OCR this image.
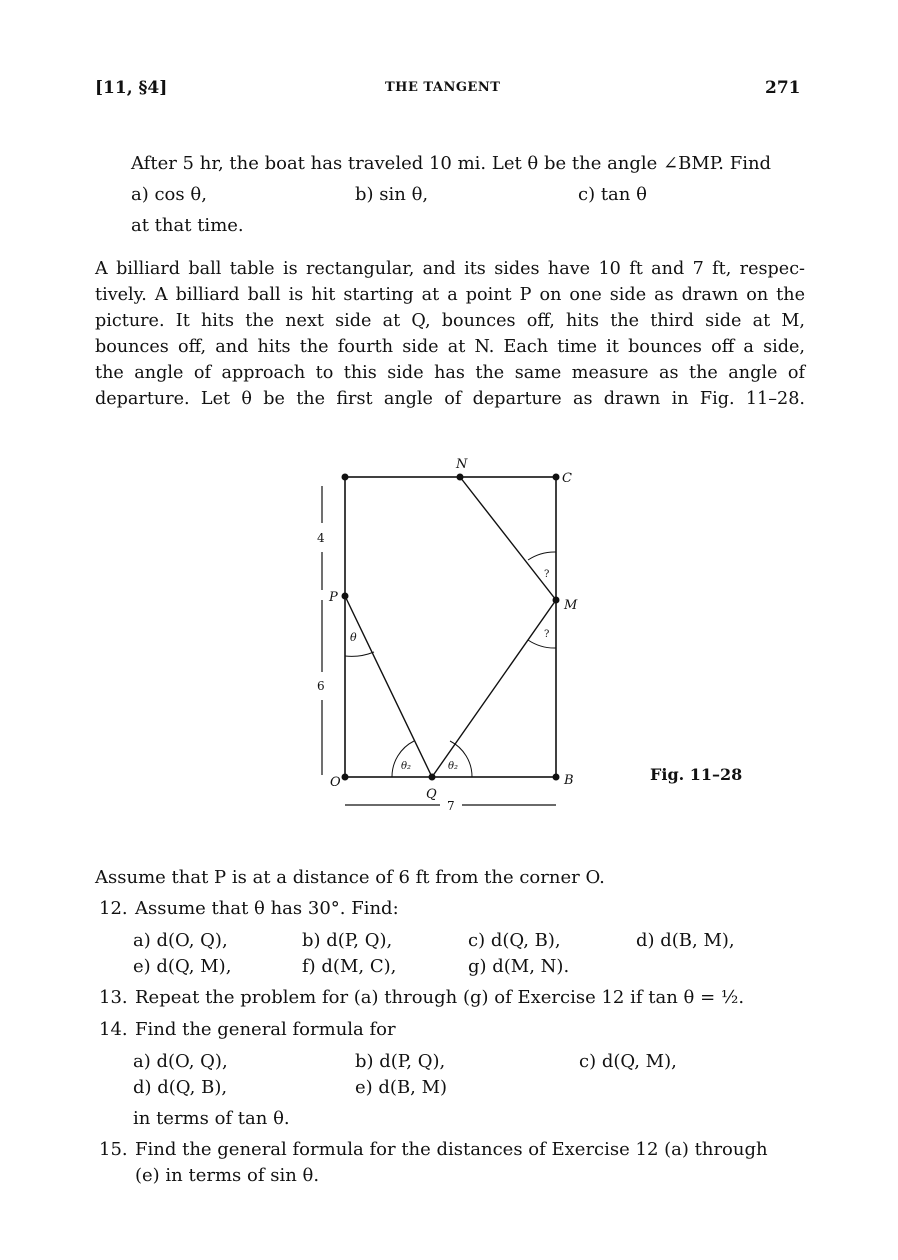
[11, §4]	THE TANGENT	271
After 5 hr, the boat has traveled 10 mi. Let θ be the angle ∠BMP. Find
a) cos θ,	b) sin θ,	c) tan θ
at that time.
A billiard ball table is rectangular, and its sides have 10 ft and 7 ft, respec-
tively. A billiard ball is hit starting at a point P on one side as drawn on the
picture. It hits the next side at Q, bounces off, hits the third side at M,
bounces off, and hits the fourth side at N. Each time it bounces off a side,
the angle of approach to this side has the same measure as the angle of
departure. Let θ be the first angle of departure as drawn in Fig. 11–28.
N
C
P
M
O
Q
B
θ
θ₂	θ₂
?
?
4
6
7
Fig. 11–28
Assume that P is at a distance of 6 ft from the corner O.
12. Assume that θ has 30°. Find:
a) d(O, Q),	b) d(P, Q),	c) d(Q, B),	d) d(B, M),
e) d(Q, M),	f) d(M, C),	g) d(M, N).
13. Repeat the problem for (a) through (g) of Exercise 12 if tan θ = ½.
14. Find the general formula for
a) d(O, Q),	b) d(P, Q),	c) d(Q, M),
d) d(Q, B),	e) d(B, M)
in terms of tan θ.
15. Find the general formula for the distances of Exercise 12 (a) through
(e) in terms of sin θ.
